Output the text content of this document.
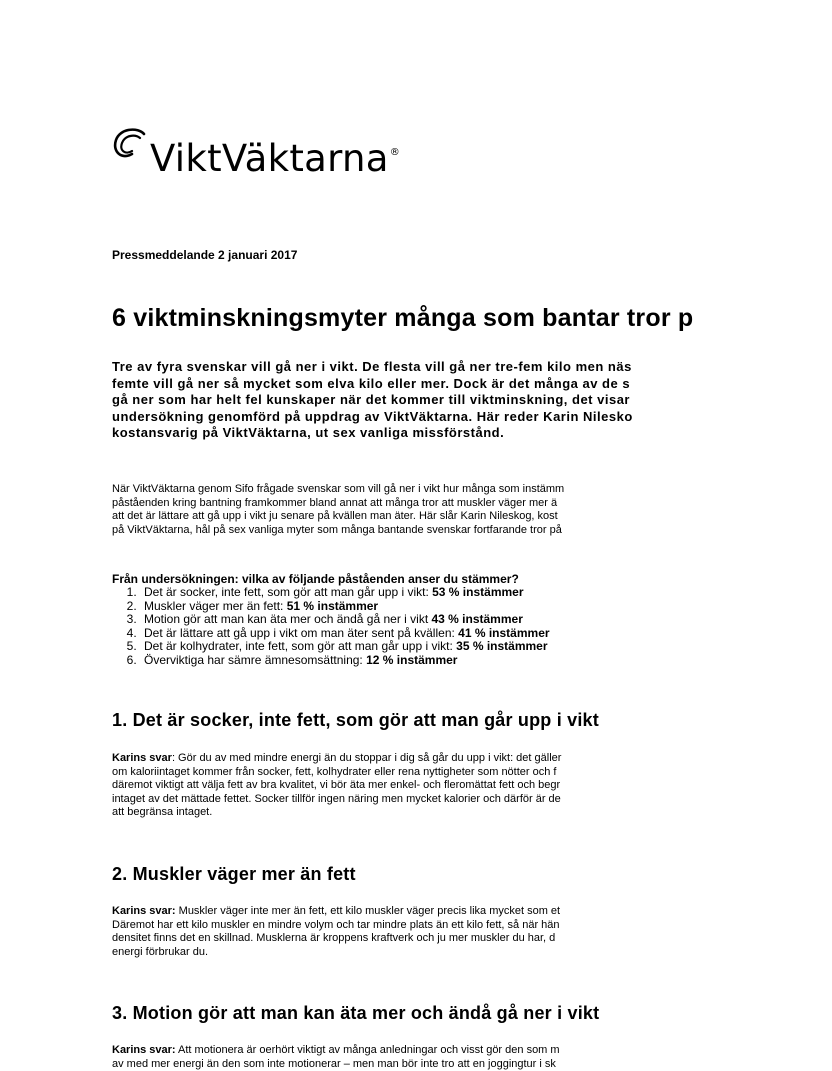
ViktVäktarna®
Pressmeddelande 2 januari 2017
6 viktminskningsmyter många som bantar tror p
Tre av fyra svenskar vill gå ner i vikt. De flesta vill gå ner tre-fem kilo men näs
femte vill gå ner så mycket som elva kilo eller mer. Dock är det många av de s
gå ner som har helt fel kunskaper när det kommer till viktminskning, det visar
undersökning genomförd på uppdrag av ViktVäktarna. Här reder Karin Nilesko
kostansvarig på ViktVäktarna, ut sex vanliga missförstånd.
När ViktVäktarna genom Sifo frågade svenskar som vill gå ner i vikt hur många som instämm
påståenden kring bantning framkommer bland annat att många tror att muskler väger mer ä
att det är lättare att gå upp i vikt ju senare på kvällen man äter. Här slår Karin Nileskog, kost
på ViktVäktarna, hål på sex vanliga myter som många bantande svenskar fortfarande tror på
Från undersökningen: vilka av följande påståenden anser du stämmer?
1. Det är socker, inte fett, som gör att man går upp i vikt: 53 % instämmer
2. Muskler väger mer än fett: 51 % instämmer
3. Motion gör att man kan äta mer och ändå gå ner i vikt 43 % instämmer
4. Det är lättare att gå upp i vikt om man äter sent på kvällen: 41 % instämmer
5. Det är kolhydrater, inte fett, som gör att man går upp i vikt: 35 % instämmer
6. Överviktiga har sämre ämnesomsättning: 12 % instämmer
1. Det är socker, inte fett, som gör att man går upp i vikt
Karins svar: Gör du av med mindre energi än du stoppar i dig så går du upp i vikt: det gäller
om kaloriintaget kommer från socker, fett, kolhydrater eller rena nyttigheter som nötter och f
däremot viktigt att välja fett av bra kvalitet, vi bör äta mer enkel- och fleromättat fett och begr
intaget av det mättade fettet. Socker tillför ingen näring men mycket kalorier och därför är de
att begränsa intaget.
2. Muskler väger mer än fett
Karins svar: Muskler väger inte mer än fett, ett kilo muskler väger precis lika mycket som et
Däremot har ett kilo muskler en mindre volym och tar mindre plats än ett kilo fett, så när hän
densitet finns det en skillnad. Musklerna är kroppens kraftverk och ju mer muskler du har, d
energi förbrukar du.
3. Motion gör att man kan äta mer och ändå gå ner i vikt
Karins svar: Att motionera är oerhört viktigt av många anledningar och visst gör den som m
av med mer energi än den som inte motionerar – men man bör inte tro att en joggingtur i sk
